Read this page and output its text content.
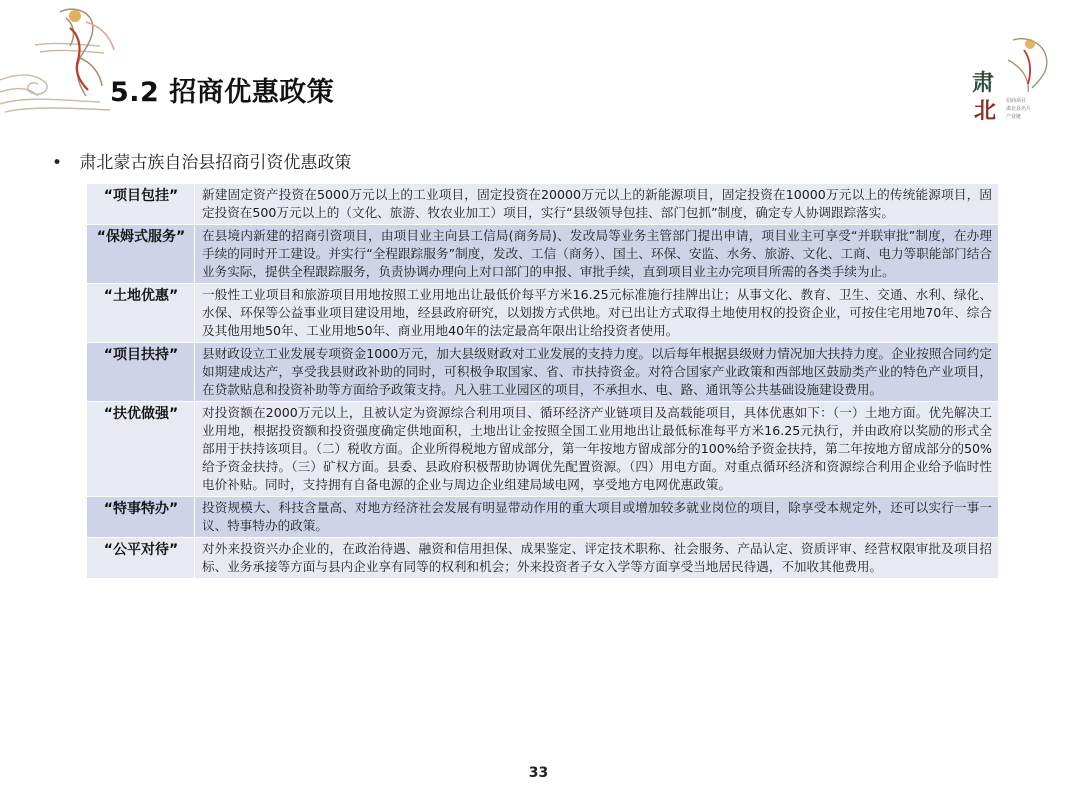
5.2 招商优惠政策	肃
北 招商项目
肃北县名片
产业链
• 肃北蒙古族自治县招商引资优惠政策
“项目包挂”	新建固定资产投资在5000万元以上的工业项目，固定投资在20000万元以上的新能源项目，固定投资在10000万元以上的传统能源项目，固定投资在500万元以上的（文化、旅游、牧农业加工）项目，实行“县级领导包挂、部门包抓”制度，确定专人协调跟踪落实。
“保姆式服务”	在县境内新建的招商引资项目，由项目业主向县工信局(商务局)、发改局等业务主管部门提出申请，项目业主可享受“并联审批”制度，在办理手续的同时开工建设。并实行“全程跟踪服务”制度，发改、工信（商务）、国土、环保、安监、水务、旅游、文化、工商、电力等职能部门结合业务实际，提供全程跟踪服务，负责协调办理向上对口部门的申报、审批手续，直到项目业主办完项目所需的各类手续为止。
“土地优惠”	一般性工业项目和旅游项目用地按照工业用地出让最低价每平方米16.25元标准施行挂牌出让；从事文化、教育、卫生、交通、水利、绿化、水保、环保等公益事业项目建设用地，经县政府研究，以划拨方式供地。对已出让方式取得土地使用权的投资企业，可按住宅用地70年、综合及其他用地50年、工业用地50年、商业用地40年的法定最高年限出让给投资者使用。
“项目扶持”	县财政设立工业发展专项资金1000万元，加大县级财政对工业发展的支持力度。以后每年根据县级财力情况加大扶持力度。企业按照合同约定如期建成达产，享受我县财政补助的同时，可积极争取国家、省、市扶持资金。对符合国家产业政策和西部地区鼓励类产业的特色产业项目，在贷款贴息和投资补助等方面给予政策支持。凡入驻工业园区的项目，不承担水、电、路、通讯等公共基础设施建设费用。
“扶优做强”	对投资额在2000万元以上，且被认定为资源综合利用项目、循环经济产业链项目及高载能项目，具体优惠如下：（一）土地方面。优先解决工业用地，根据投资额和投资强度确定供地面积，土地出让金按照全国工业用地出让最低标准每平方米16.25元执行，并由政府以奖励的形式全部用于扶持该项目。（二）税收方面。企业所得税地方留成部分，第一年按地方留成部分的100%给予资金扶持，第二年按地方留成部分的50%给予资金扶持。（三）矿权方面。县委、县政府积极帮助协调优先配置资源。（四）用电方面。对重点循环经济和资源综合利用企业给予临时性电价补贴。同时，支持拥有自备电源的企业与周边企业组建局域电网，享受地方电网优惠政策。
“特事特办”	投资规模大、科技含量高、对地方经济社会发展有明显带动作用的重大项目或增加较多就业岗位的项目，除享受本规定外，还可以实行一事一议、特事特办的政策。
“公平对待”	对外来投资兴办企业的，在政治待遇、融资和信用担保、成果鉴定、评定技术职称、社会服务、产品认定、资质评审、经营权限审批及项目招标、业务承接等方面与县内企业享有同等的权利和机会；外来投资者子女入学等方面享受当地居民待遇，不加收其他费用。
33
